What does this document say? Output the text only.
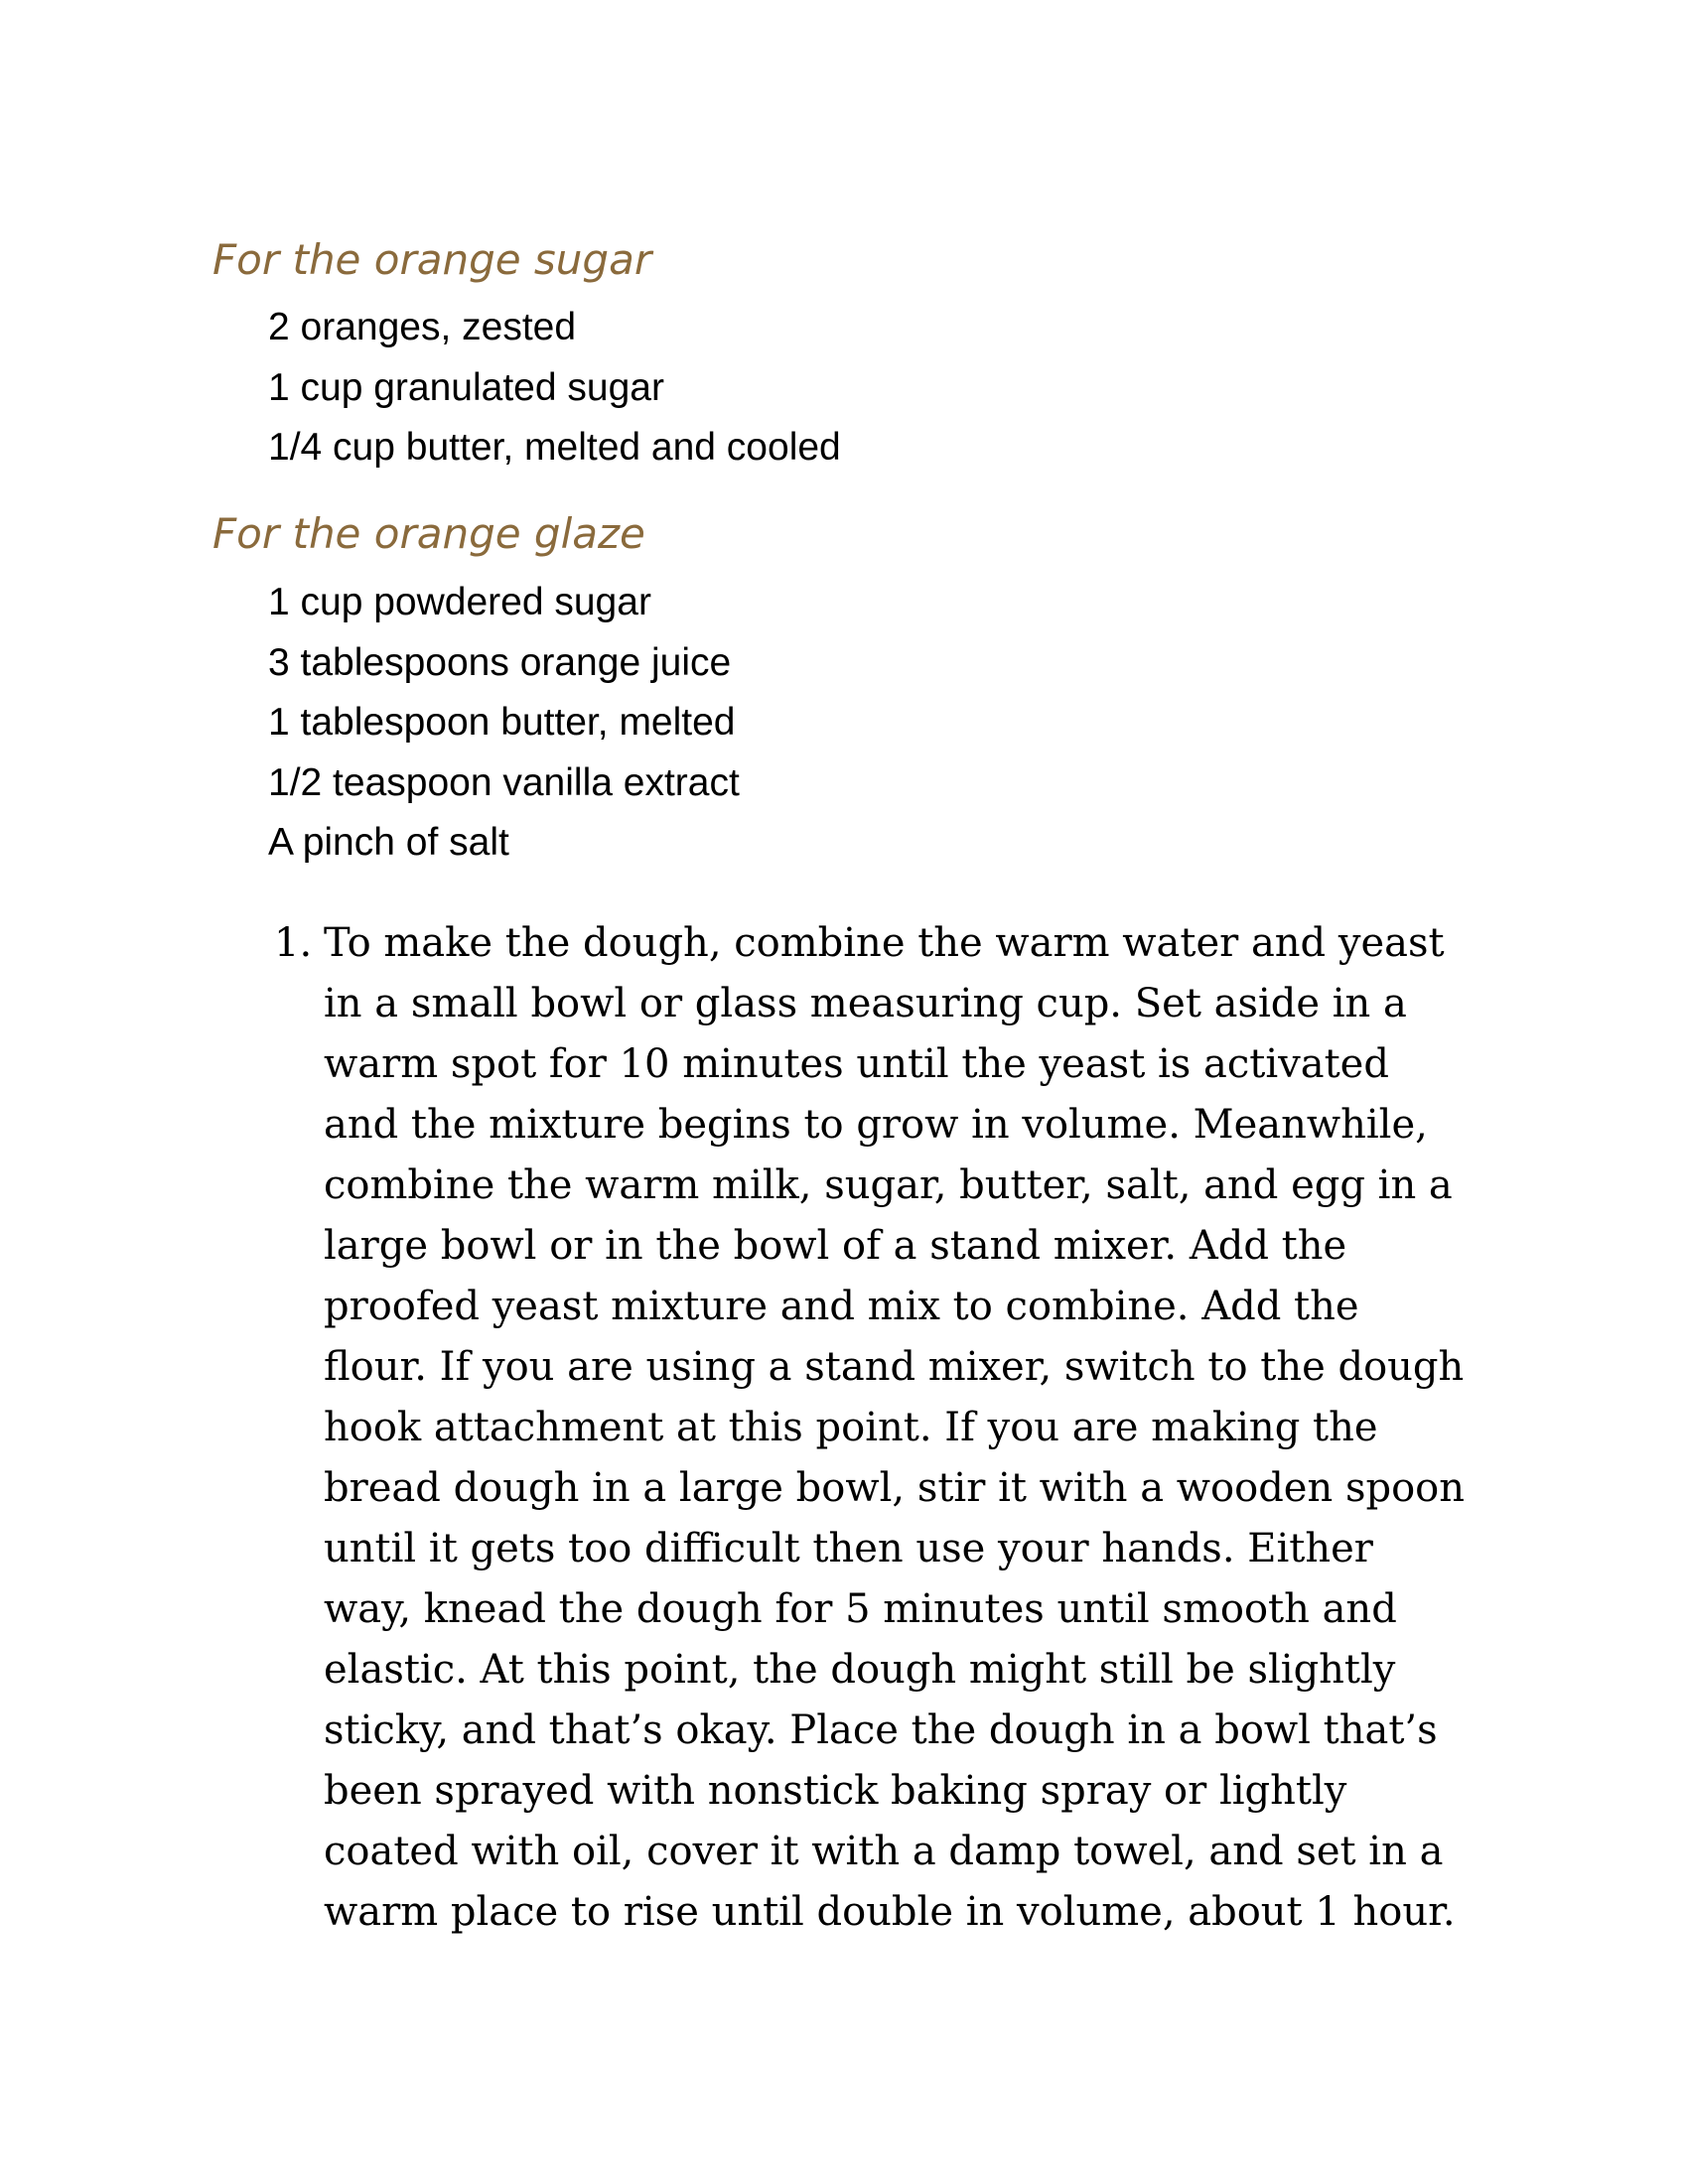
For the orange sugar
2 oranges, zested
1 cup granulated sugar
1/4 cup butter, melted and cooled
For the orange glaze
1 cup powdered sugar
3 tablespoons orange juice
1 tablespoon butter, melted
1/2 teaspoon vanilla extract
A pinch of salt
1. To make the dough, combine the warm water and yeast
in a small bowl or glass measuring cup. Set aside in a
warm spot for 10 minutes until the yeast is activated
and the mixture begins to grow in volume. Meanwhile,
combine the warm milk, sugar, butter, salt, and egg in a
large bowl or in the bowl of a stand mixer. Add the
proofed yeast mixture and mix to combine. Add the
flour. If you are using a stand mixer, switch to the dough
hook attachment at this point. If you are making the
bread dough in a large bowl, stir it with a wooden spoon
until it gets too difficult then use your hands. Either
way, knead the dough for 5 minutes until smooth and
elastic. At this point, the dough might still be slightly
sticky, and that’s okay. Place the dough in a bowl that’s
been sprayed with nonstick baking spray or lightly
coated with oil, cover it with a damp towel, and set in a
warm place to rise until double in volume, about 1 hour.
